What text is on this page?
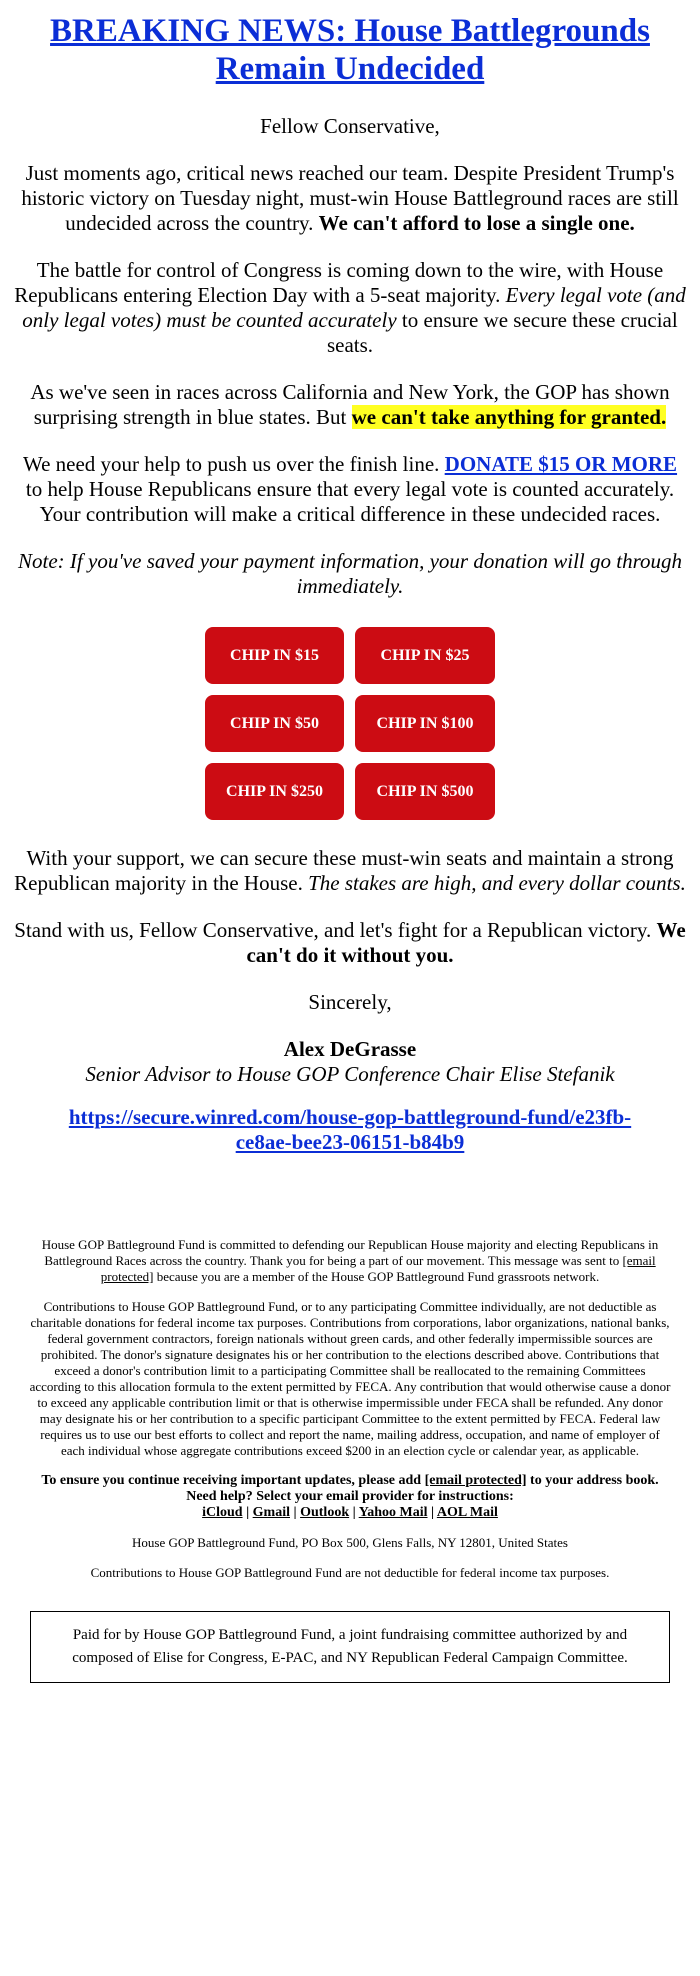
BREAKING NEWS: House Battlegrounds Remain Undecided

Fellow Conservative,

Just moments ago, critical news reached our team. Despite President Trump's historic victory on Tuesday night, must-win House Battleground races are still undecided across the country. We can't afford to lose a single one.

The battle for control of Congress is coming down to the wire, with House Republicans entering Election Day with a 5-seat majority. Every legal vote (and only legal votes) must be counted accurately to ensure we secure these crucial seats.

As we've seen in races across California and New York, the GOP has shown surprising strength in blue states. But we can't take anything for granted.

We need your help to push us over the finish line. DONATE $15 OR MORE to help House Republicans ensure that every legal vote is counted accurately. Your contribution will make a critical difference in these undecided races.

Note: If you've saved your payment information, your donation will go through immediately.

CHIP IN $15	CHIP IN $25
CHIP IN $50	CHIP IN $100
CHIP IN $250	CHIP IN $500

With your support, we can secure these must-win seats and maintain a strong Republican majority in the House. The stakes are high, and every dollar counts.

Stand with us, Fellow Conservative, and let's fight for a Republican victory. We can't do it without you.

Sincerely,

Alex DeGrasse
Senior Advisor to House GOP Conference Chair Elise Stefanik

https://secure.winred.com/house-gop-battleground-fund/e23fb-ce8ae-bee23-06151-b84b9

House GOP Battleground Fund is committed to defending our Republican House majority and electing Republicans in Battleground Races across the country. Thank you for being a part of our movement. This message was sent to [email protected] because you are a member of the House GOP Battleground Fund grassroots network.

Contributions to House GOP Battleground Fund, or to any participating Committee individually, are not deductible as charitable donations for federal income tax purposes. Contributions from corporations, labor organizations, national banks, federal government contractors, foreign nationals without green cards, and other federally impermissible sources are prohibited. The donor's signature designates his or her contribution to the elections described above. Contributions that exceed a donor's contribution limit to a participating Committee shall be reallocated to the remaining Committees according to this allocation formula to the extent permitted by FECA. Any contribution that would otherwise cause a donor to exceed any applicable contribution limit or that is otherwise impermissible under FECA shall be refunded. Any donor may designate his or her contribution to a specific participant Committee to the extent permitted by FECA. Federal law requires us to use our best efforts to collect and report the name, mailing address, occupation, and name of employer of each individual whose aggregate contributions exceed $200 in an election cycle or calendar year, as applicable.

To ensure you continue receiving important updates, please add [email protected] to your address book. Need help? Select your email provider for instructions:
iCloud | Gmail | Outlook | Yahoo Mail | AOL Mail

House GOP Battleground Fund, PO Box 500, Glens Falls, NY 12801, United States

Contributions to House GOP Battleground Fund are not deductible for federal income tax purposes.

Paid for by House GOP Battleground Fund, a joint fundraising committee authorized by and composed of Elise for Congress, E-PAC, and NY Republican Federal Campaign Committee.
